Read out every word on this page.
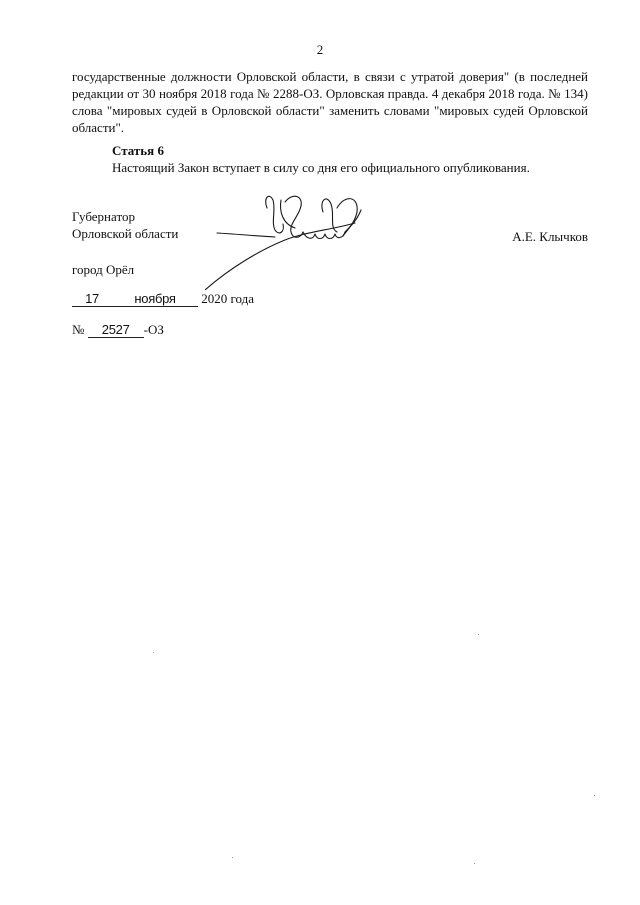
2
государственные должности Орловской области, в связи с утратой доверия" (в последней
редакции от 30 ноября 2018 года № 2288-ОЗ. Орловская правда. 4 декабря 2018 года. № 134)
слова "мировых судей в Орловской области" заменить словами "мировых судей Орловской
области".
Статья 6
Настоящий Закон вступает в силу со дня его официального опубликования.
Губернатор
Орловской области	А.Е. Клычков
город Орёл
17	ноября 2020 года
№ 2527 -ОЗ
